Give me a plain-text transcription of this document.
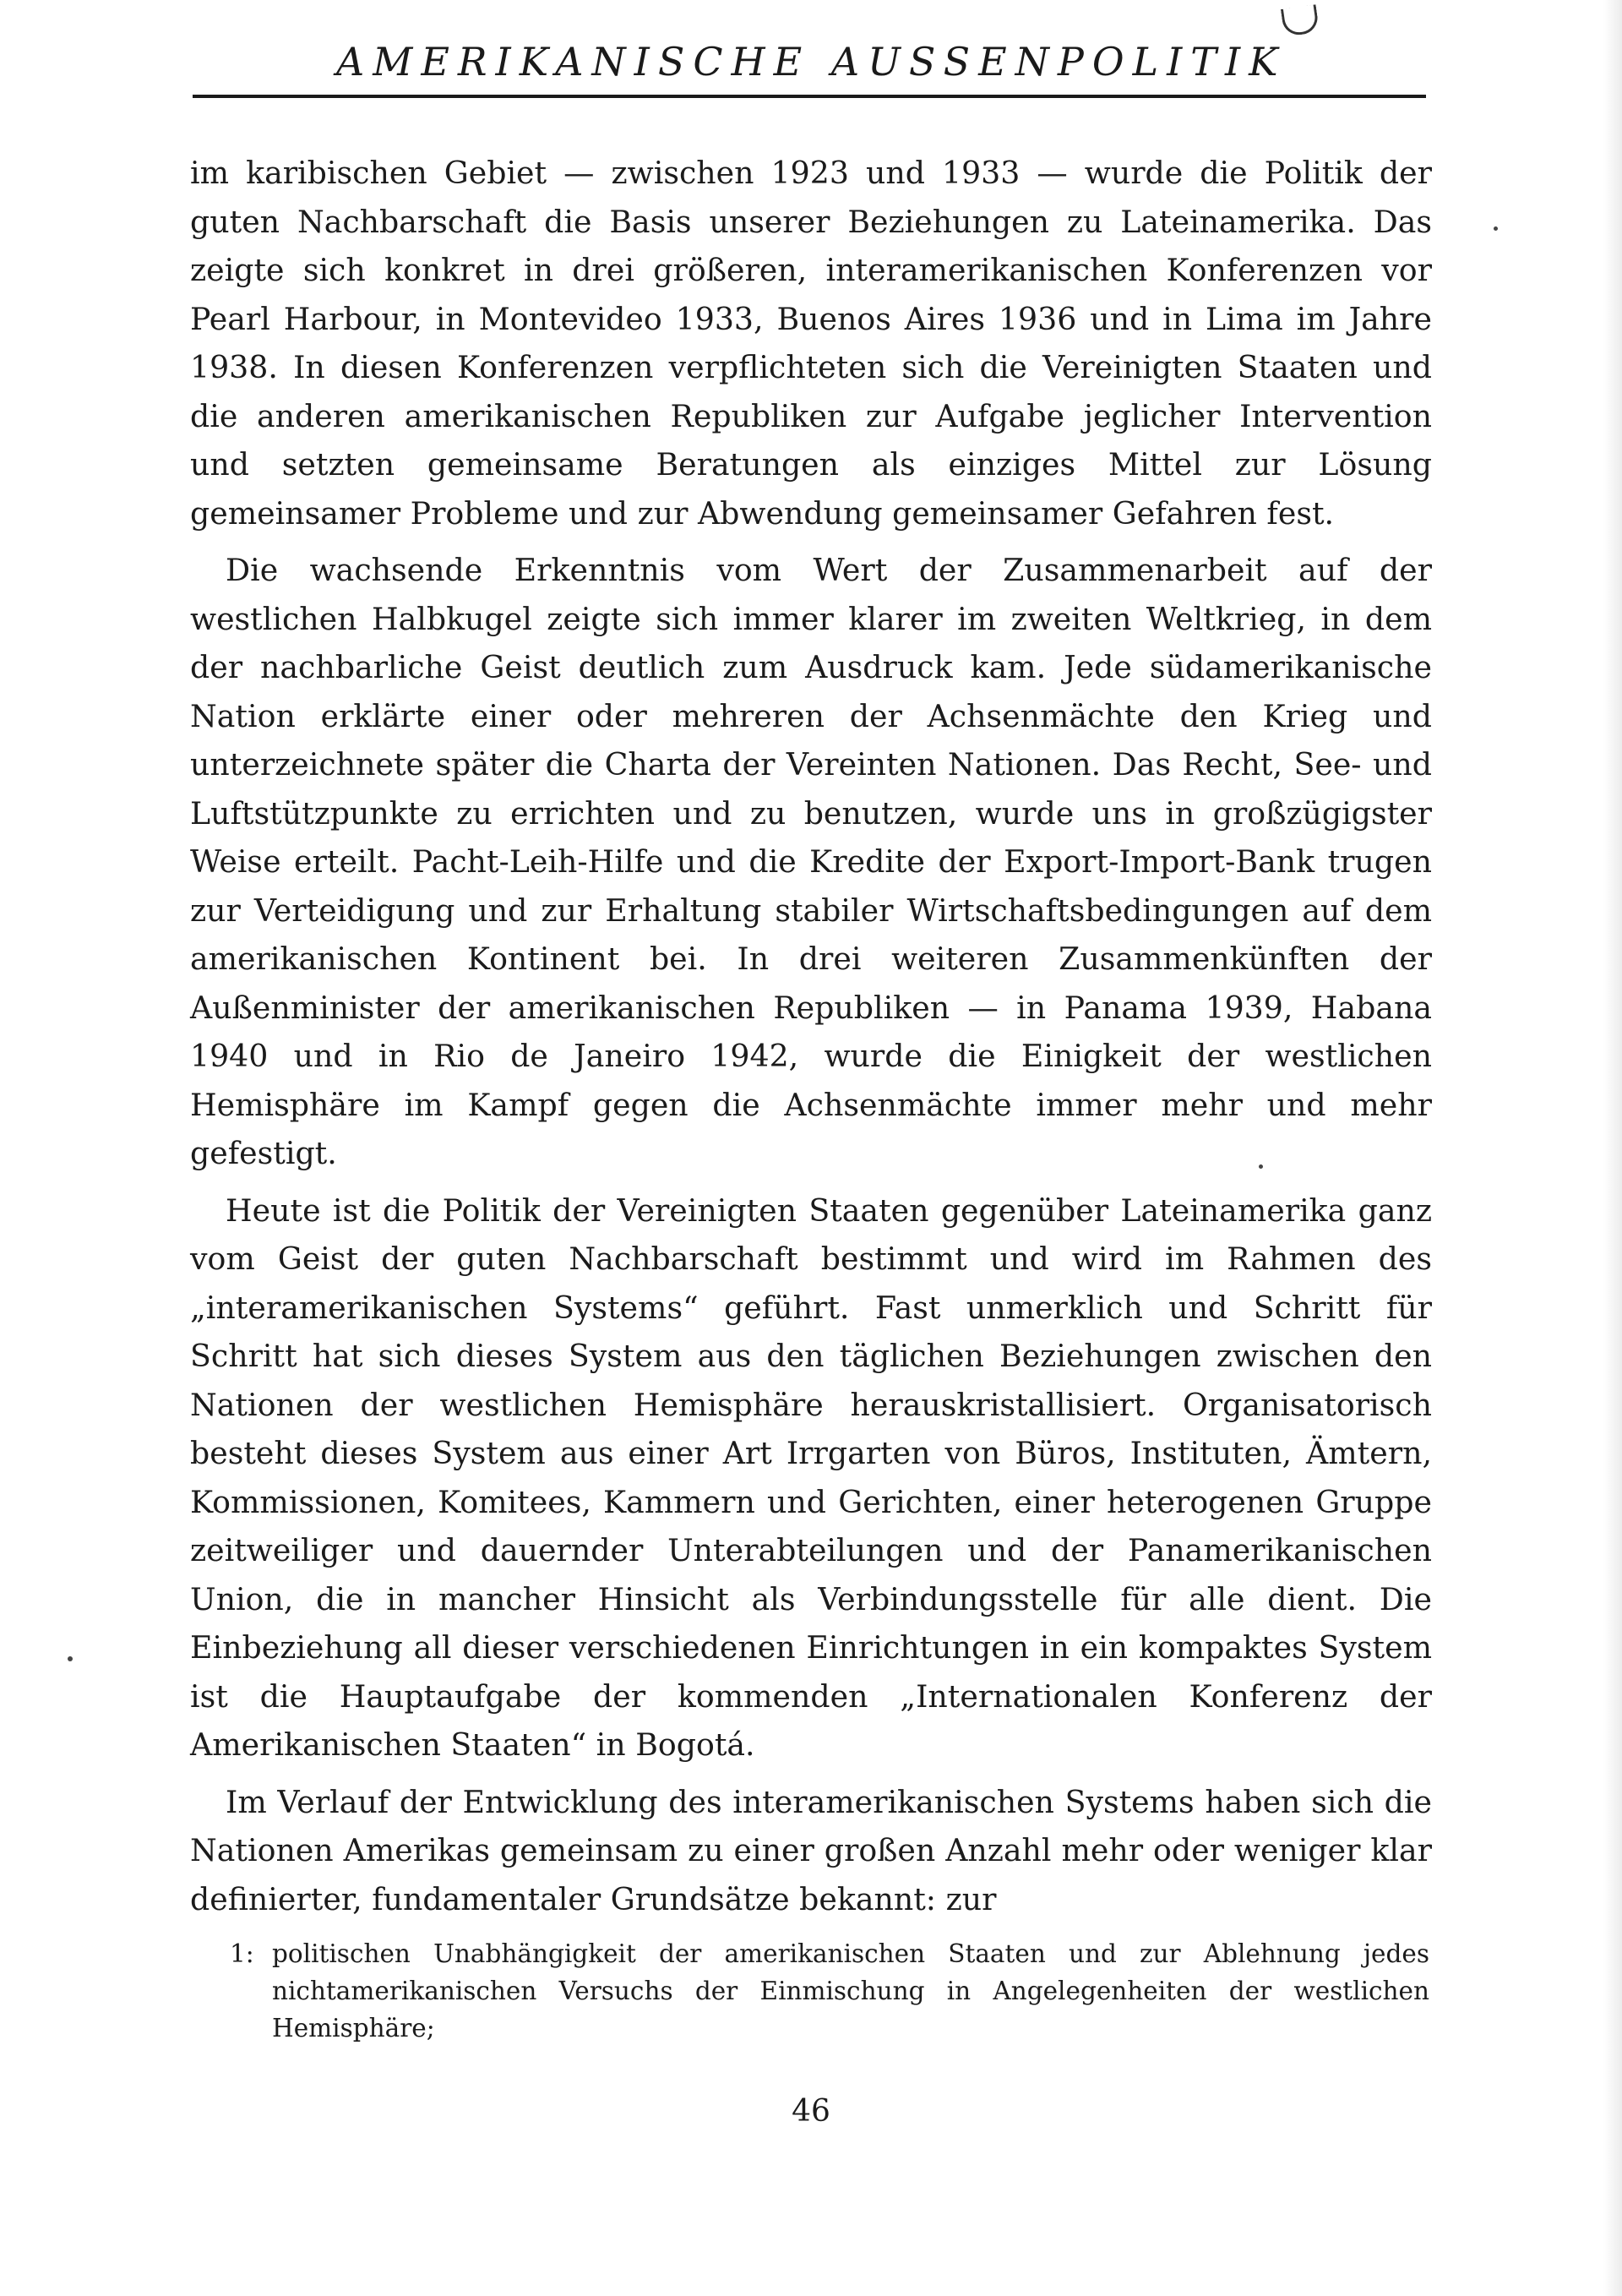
AMERIKANISCHE AUSSENPOLITIK

im karibischen Gebiet — zwischen 1923 und 1933 — wurde die Politik der guten Nachbarschaft die Basis unserer Beziehungen zu Lateinamerika. Das zeigte sich konkret in drei größeren, interamerikanischen Konferenzen vor Pearl Harbour, in Montevideo 1933, Buenos Aires 1936 und in Lima im Jahre 1938. In diesen Konferenzen verpflichteten sich die Vereinigten Staaten und die anderen amerikanischen Republiken zur Aufgabe jeglicher Intervention und setzten gemeinsame Beratungen als einziges Mittel zur Lösung gemeinsamer Probleme und zur Abwendung gemeinsamer Gefahren fest.

Die wachsende Erkenntnis vom Wert der Zusammenarbeit auf der westlichen Halbkugel zeigte sich immer klarer im zweiten Weltkrieg, in dem der nachbarliche Geist deutlich zum Ausdruck kam. Jede südamerikanische Nation erklärte einer oder mehreren der Achsenmächte den Krieg und unterzeichnete später die Charta der Vereinten Nationen. Das Recht, See- und Luftstützpunkte zu errichten und zu benutzen, wurde uns in großzügigster Weise erteilt. Pacht-Leih-Hilfe und die Kredite der Export-Import-Bank trugen zur Verteidigung und zur Erhaltung stabiler Wirtschaftsbedingungen auf dem amerikanischen Kontinent bei. In drei weiteren Zusammenkünften der Außenminister der amerikanischen Republiken — in Panama 1939, Habana 1940 und in Rio de Janeiro 1942, wurde die Einigkeit der westlichen Hemisphäre im Kampf gegen die Achsenmächte immer mehr und mehr gefestigt.

Heute ist die Politik der Vereinigten Staaten gegenüber Lateinamerika ganz vom Geist der guten Nachbarschaft bestimmt und wird im Rahmen des „interamerikanischen Systems“ geführt. Fast unmerklich und Schritt für Schritt hat sich dieses System aus den täglichen Beziehungen zwischen den Nationen der westlichen Hemisphäre herauskristallisiert. Organisatorisch besteht dieses System aus einer Art Irrgarten von Büros, Instituten, Ämtern, Kommissionen, Komitees, Kammern und Gerichten, einer heterogenen Gruppe zeitweiliger und dauernder Unterabteilungen und der Panamerikanischen Union, die in mancher Hinsicht als Verbindungsstelle für alle dient. Die Einbeziehung all dieser verschiedenen Einrichtungen in ein kompaktes System ist die Hauptaufgabe der kommenden „Internationalen Konferenz der Amerikanischen Staaten“ in Bogotá.

Im Verlauf der Entwicklung des interamerikanischen Systems haben sich die Nationen Amerikas gemeinsam zu einer großen Anzahl mehr oder weniger klar definierter, fundamentaler Grundsätze bekannt: zur

1: politischen Unabhängigkeit der amerikanischen Staaten und zur Ablehnung jedes nichtamerikanischen Versuchs der Einmischung in Angelegenheiten der westlichen Hemisphäre;
46
